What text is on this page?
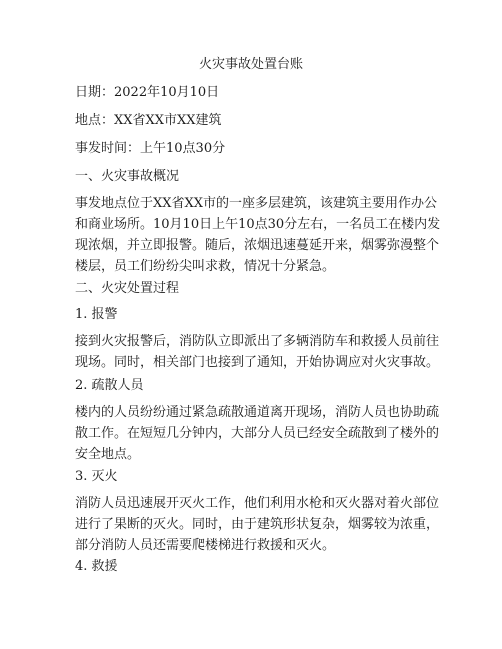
火灾事故处置台账
日期：2022年10月10日
地点：XX省XX市XX建筑
事发时间：上午10点30分
一、火灾事故概况
事发地点位于XX省XX市的一座多层建筑，该建筑主要用作办公
和商业场所。10月10日上午10点30分左右，一名员工在楼内发
现浓烟，并立即报警。随后，浓烟迅速蔓延开来，烟雾弥漫整个
楼层，员工们纷纷尖叫求救，情况十分紧急。
二、火灾处置过程
1. 报警
接到火灾报警后，消防队立即派出了多辆消防车和救援人员前往
现场。同时，相关部门也接到了通知，开始协调应对火灾事故。
2. 疏散人员
楼内的人员纷纷通过紧急疏散通道离开现场，消防人员也协助疏
散工作。在短短几分钟内，大部分人员已经安全疏散到了楼外的
安全地点。
3. 灭火
消防人员迅速展开灭火工作，他们利用水枪和灭火器对着火部位
进行了果断的灭火。同时，由于建筑形状复杂，烟雾较为浓重，
部分消防人员还需要爬楼梯进行救援和灭火。
4. 救援
